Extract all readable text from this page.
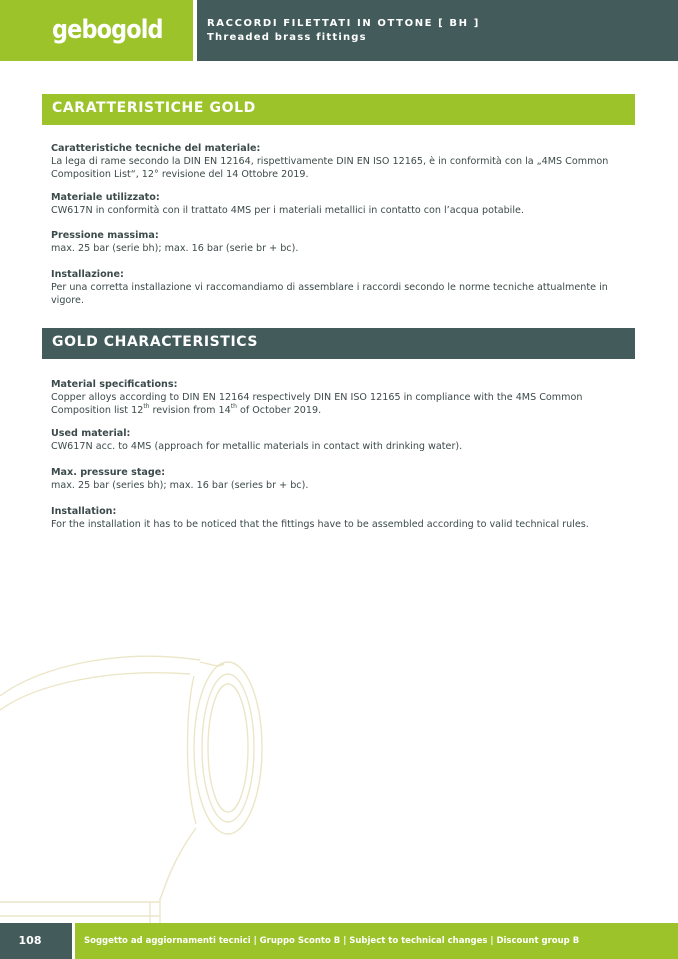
gebogold	RACCORDI FILETTATI IN OTTONE [ BH ]
Threaded brass fittings
CARATTERISTICHE GOLD
Caratteristiche tecniche del materiale:
La lega di rame secondo la DIN EN 12164, rispettivamente DIN EN ISO 12165, è in conformità con la „4MS Common Composition List“, 12° revisione del 14 Ottobre 2019.
Materiale utilizzato:
CW617N in conformità con il trattato 4MS per i materiali metallici in contatto con l’acqua potabile.
Pressione massima:
max. 25 bar (serie bh); max. 16 bar (serie br + bc).
Installazione:
Per una corretta installazione vi raccomandiamo di assemblare i raccordi secondo le norme tecniche attualmente in vigore.
GOLD CHARACTERISTICS
Material specifications:
Copper alloys according to DIN EN 12164 respectively DIN EN ISO 12165 in compliance with the 4MS Common Composition list 12th revision from 14th of October 2019.
Used material:
CW617N acc. to 4MS (approach for metallic materials in contact with drinking water).
Max. pressure stage:
max. 25 bar (series bh); max. 16 bar (series br + bc).
Installation:
For the installation it has to be noticed that the fittings have to be assembled according to valid technical rules.
108	Soggetto ad aggiornamenti tecnici | Gruppo Sconto B | Subject to technical changes | Discount group B
